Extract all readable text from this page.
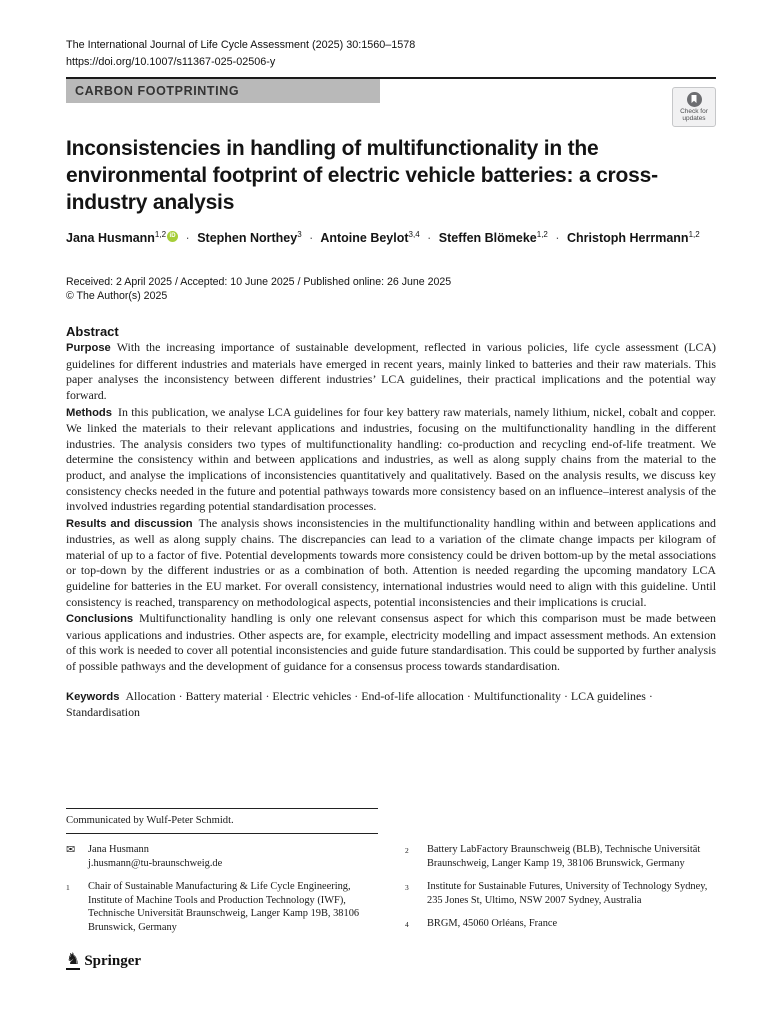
The International Journal of Life Cycle Assessment (2025) 30:1560–1578
https://doi.org/10.1007/s11367-025-02506-y
CARBON FOOTPRINTING
Inconsistencies in handling of multifunctionality in the environmental footprint of electric vehicle batteries: a cross-industry analysis
Jana Husmann$^{1,2}$ iD · Stephen Northey$^3$ · Antoine Beylot$^{3,4}$ · Steffen Blömeke$^{1,2}$ · Christoph Herrmann$^{1,2}$
Received: 2 April 2025 / Accepted: 10 June 2025 / Published online: 26 June 2025
© The Author(s) 2025
Abstract

Purpose With the increasing importance of sustainable development, reflected in various policies, life cycle assessment (LCA) guidelines for different industries and materials have emerged in recent years, mainly linked to batteries and their raw materials. This paper analyses the inconsistency between different industries’ LCA guidelines, their practical implications and the potential way forward.

Methods In this publication, we analyse LCA guidelines for four key battery raw materials, namely lithium, nickel, cobalt and copper. We linked the materials to their relevant applications and industries, focusing on the multifunctionality handling in the different industries. The analysis considers two types of multifunctionality handling: co-production and recycling end-of-life treatment. We determine the consistency within and between applications and industries, as well as along supply chains from the material to the product, and analyse the implications of inconsistencies quantitatively and qualitatively. Based on the analysis results, we discuss key consistency checks needed in the future and potential pathways towards more consistency based on an influence–interest analysis of the involved industries regarding potential standardisation processes.

Results and discussion The analysis shows inconsistencies in the multifunctionality handling within and between applications and industries, as well as along supply chains. The discrepancies can lead to a variation of the climate change impacts per kilogram of material of up to a factor of five. Potential developments towards more consistency could be driven bottom-up by the metal associations or top-down by the different industries or as a combination of both. Attention is needed regarding the upcoming mandatory LCA guideline for batteries in the EU market. For overall consistency, international industries would need to align with this guideline. Until consistency is reached, transparency on methodological aspects, potential inconsistencies and their implications is crucial.

Conclusions Multifunctionality handling is only one relevant consensus aspect for which this comparison must be made between various applications and industries. Other aspects are, for example, electricity modelling and impact assessment methods. An extension of this work is needed to cover all potential inconsistencies and guide future standardisation. This could be supported by further analysis of possible pathways and the development of guidance for a consensus process towards standardisation.

Keywords Allocation · Battery material · Electric vehicles · End-of-life allocation · Multifunctionality · LCA guidelines · Standardisation
Check for
updates
Communicated by Wulf-Peter Schmidt.
✉	Jana Husmann
j.husmann@tu-braunschweig.de
$^1$	Chair of Sustainable Manufacturing & Life Cycle Engineering, Institute of Machine Tools and Production Technology (IWF), Technische Universität Braunschweig, Langer Kamp 19B, 38106 Brunswick, Germany
$^2$	Battery LabFactory Braunschweig (BLB), Technische Universität Braunschweig, Langer Kamp 19, 38106 Brunswick, Germany
$^3$	Institute for Sustainable Futures, University of Technology Sydney, 235 Jones St, Ultimo, NSW 2007 Sydney, Australia
$^4$	BRGM, 45060 Orléans, France
♞ Springer
